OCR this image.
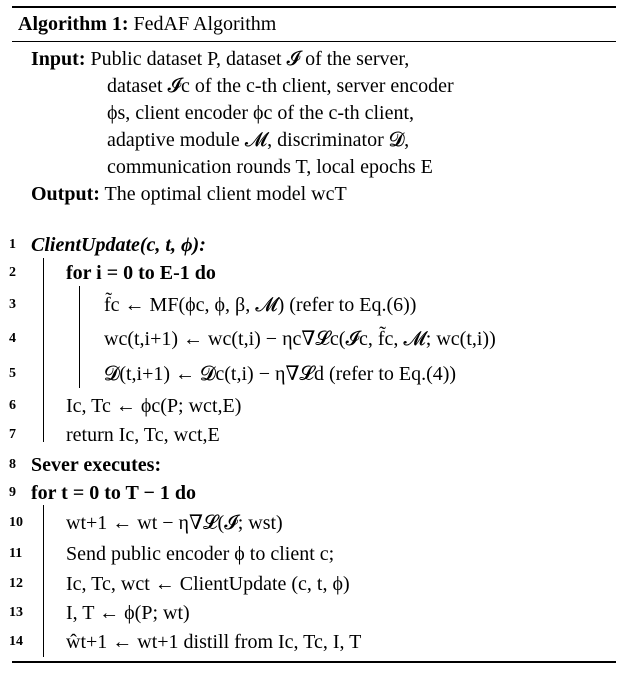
Algorithm 1: FedAF Algorithm
Input: Public dataset P, dataset 𝓘 of the server,
dataset 𝓘c of the c-th client, server encoder
ϕs, client encoder ϕc of the c-th client,
adaptive module 𝓜, discriminator 𝓓,
communication rounds T, local epochs E
Output: The optimal client model wcT
1 ClientUpdate(c, t, ϕ):
2	for i = 0 to E-1 do
3	f̃c ← MF(ϕc, ϕ, β, 𝓜) (refer to Eq.(6))
4	wc(t,i+1) ← wc(t,i) − ηc∇𝓛c(𝓘c, f̃c, 𝓜; wc(t,i))
5	𝓓(t,i+1) ← 𝓓c(t,i) − η∇𝓛d (refer to Eq.(4))
6	Ic, Tc ← ϕc(P; wct,E)
7	return Ic, Tc, wct,E
8 Sever executes:
9 for t = 0 to T − 1 do
10 wt+1 ← wt − η∇𝓛(𝓘; wst)
11 Send public encoder ϕ to client c;
12 Ic, Tc, wct ← ClientUpdate (c, t, ϕ)
13 I, T ← ϕ(P; wt)
14 ŵt+1 ← wt+1 distill from Ic, Tc, I, T
